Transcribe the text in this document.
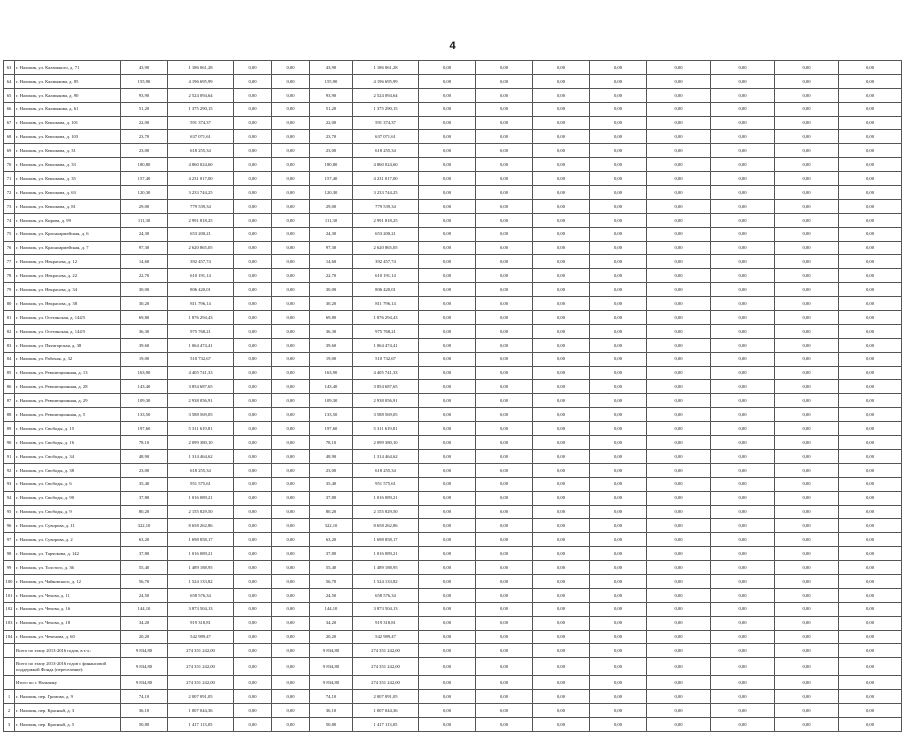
4
63	г. Нальчик, ул. Калюжного, д. 71	43,90	1 186 061,28	0,00	0,00	43,90	1 186 061,28	0,00	0,00	0,00	0,00	0,00	0,00	0,00	0,00
64	г. Нальчик, ул. Калмыкова, д. 85	155,90	4 196 695,99	0,00	0,00	155,90	4 196 695,99	0,00	0,00	0,00	0,00	0,00	0,00	0,00	0,00
65	г. Нальчик, ул. Калмыкова, д. 90	93,90	2 524 094,64	0,00	0,00	93,90	2 524 094,64	0,00	0,00	0,00	0,00	0,00	0,00	0,00	0,00
66	г. Нальчик, ул. Калмыкова, д. 61	51,20	1 375 290,15	0,00	0,00	51,20	1 375 290,15	0,00	0,00	0,00	0,00	0,00	0,00	0,00	0,00
67	г. Нальчик, ул. Кешокова, д. 101	22,00	591 374,37	0,00	0,00	22,00	591 374,37	0,00	0,00	0,00	0,00	0,00	0,00	0,00	0,00
68	г. Нальчик, ул. Кешокова, д. 103	23,70	637 071,61	0,00	0,00	23,70	637 071,61	0,00	0,00	0,00	0,00	0,00	0,00	0,00	0,00
69	г. Нальчик, ул. Кешокова, д. 31	23,00	618 255,34	0,00	0,00	23,00	618 255,34	0,00	0,00	0,00	0,00	0,00	0,00	0,00	0,00
70	г. Нальчик, ул. Кешокова, д. 33	180,80	4 860 024,60	0,00	0,00	180,80	4 860 024,60	0,00	0,00	0,00	0,00	0,00	0,00	0,00	0,00
71	г. Нальчик, ул. Кешокова, д. 35	157,40	4 231 017,00	0,00	0,00	157,40	4 231 017,00	0,00	0,00	0,00	0,00	0,00	0,00	0,00	0,00
72	г. Нальчик, ул. Кешокова, д. 63	120,30	3 233 744,25	0,00	0,00	120,30	3 233 744,25	0,00	0,00	0,00	0,00	0,00	0,00	0,00	0,00
73	г. Нальчик, ул. Кешокова, д. 81	29,00	779 539,34	0,00	0,00	29,00	779 539,34	0,00	0,00	0,00	0,00	0,00	0,00	0,00	0,00
74	г. Нальчик, ул. Кирова, д. 99	111,30	2 991 818,25	0,00	0,00	111,30	2 991 818,25	0,00	0,00	0,00	0,00	0,00	0,00	0,00	0,00
75	г. Нальчик, ул. Красноармейская, д. 6	24,30	653 200,21	0,00	0,00	24,30	653 200,21	0,00	0,00	0,00	0,00	0,00	0,00	0,00	0,00
76	г. Нальчик, ул. Красноармейская, д. 7	97,30	2 620 865,05	0,00	0,00	97,30	2 620 865,05	0,00	0,00	0,00	0,00	0,00	0,00	0,00	0,00
77	г. Нальчик, ул. Некрасова, д. 12	14,60	392 457,74	0,00	0,00	14,60	392 457,74	0,00	0,00	0,00	0,00	0,00	0,00	0,00	0,00
78	г. Нальчик, ул. Некрасова, д. 22	22,70	610 191,14	0,00	0,00	22,70	610 191,14	0,00	0,00	0,00	0,00	0,00	0,00	0,00	0,00
79	г. Нальчик, ул. Некрасова, д. 34	30,00	806 420,01	0,00	0,00	30,00	806 420,01	0,00	0,00	0,00	0,00	0,00	0,00	0,00	0,00
80	г. Нальчик, ул. Некрасова, д. 38	30,20	811 796,14	0,00	0,00	30,20	811 796,14	0,00	0,00	0,00	0,00	0,00	0,00	0,00	0,00
81	г. Нальчик, ул. Осетинская, д. 144/5	69,80	1 876 294,43	0,00	0,00	69,80	1 876 294,43	0,00	0,00	0,00	0,00	0,00	0,00	0,00	0,00
82	г. Нальчик, ул. Осетинская, д. 144/5	36,30	975 768,21	0,00	0,00	36,30	975 768,21	0,00	0,00	0,00	0,00	0,00	0,00	0,00	0,00
83	г. Нальчик, ул. Пятигорская, д. 38	39,60	1 064 474,41	0,00	0,00	39,60	1 064 474,41	0,00	0,00	0,00	0,00	0,00	0,00	0,00	0,00
84	г. Нальчик, ул. Рабочая, д. 32	19,00	510 732,67	0,00	0,00	19,00	510 732,67	0,00	0,00	0,00	0,00	0,00	0,00	0,00	0,00
85	г. Нальчик, ул. Революционная, д. 13	163,90	4 405 741,33	0,00	0,00	163,90	4 405 741,33	0,00	0,00	0,00	0,00	0,00	0,00	0,00	0,00
86	г. Нальчик, ул. Революционная, д. 28	143,40	3 854 687,65	0,00	0,00	143,40	3 854 687,65	0,00	0,00	0,00	0,00	0,00	0,00	0,00	0,00
87	г. Нальчик, ул. Революционная, д. 29	109,30	2 938 056,91	0,00	0,00	109,30	2 938 056,91	0,00	0,00	0,00	0,00	0,00	0,00	0,00	0,00
88	г. Нальчик, ул. Революционная, д. 5	133,50	3 588 569,05	0,00	0,00	133,50	3 588 569,05	0,00	0,00	0,00	0,00	0,00	0,00	0,00	0,00
89	г. Нальчик, ул. Свободы, д. 15	197,60	5 311 619,81	0,00	0,00	197,60	5 311 619,81	0,00	0,00	0,00	0,00	0,00	0,00	0,00	0,00
90	г. Нальчик, ул. Свободы, д. 16	78,10	2 099 380,10	0,00	0,00	78,10	2 099 380,10	0,00	0,00	0,00	0,00	0,00	0,00	0,00	0,00
91	г. Нальчик, ул. Свободы, д. 34	48,90	1 314 464,62	0,00	0,00	48,90	1 314 464,62	0,00	0,00	0,00	0,00	0,00	0,00	0,00	0,00
92	г. Нальчик, ул. Свободы, д. 38	23,00	618 255,34	0,00	0,00	23,00	618 255,34	0,00	0,00	0,00	0,00	0,00	0,00	0,00	0,00
93	г. Нальчик, ул. Свободы, д. 6	35,40	951 575,61	0,00	0,00	35,40	951 575,61	0,00	0,00	0,00	0,00	0,00	0,00	0,00	0,00
94	г. Нальчик, ул. Свободы, д. 90	37,80	1 016 089,21	0,00	0,00	37,80	1 016 089,21	0,00	0,00	0,00	0,00	0,00	0,00	0,00	0,00
95	г. Нальчик, ул. Свободы, д. 9	80,20	2 155 829,50	0,00	0,00	80,20	2 155 829,50	0,00	0,00	0,00	0,00	0,00	0,00	0,00	0,00
96	г. Нальчик, ул. Суворова, д. 11	322,10	8 658 262,86	0,00	0,00	322,10	8 658 262,86	0,00	0,00	0,00	0,00	0,00	0,00	0,00	0,00
97	г. Нальчик, ул. Суворова, д. 2	63,20	1 698 858,17	0,00	0,00	63,20	1 698 858,17	0,00	0,00	0,00	0,00	0,00	0,00	0,00	0,00
98	г. Нальчик, ул. Тарчокова, д. 142	37,80	1 016 089,21	0,00	0,00	37,80	1 016 089,21	0,00	0,00	0,00	0,00	0,00	0,00	0,00	0,00
99	г. Нальчик, ул. Толстого, д. 36	55,40	1 489 188,95	0,00	0,00	55,40	1 489 188,95	0,00	0,00	0,00	0,00	0,00	0,00	0,00	0,00
100	г. Нальчик, ул. Чайковского, д. 12	56,70	1 524 133,82	0,00	0,00	56,70	1 524 133,82	0,00	0,00	0,00	0,00	0,00	0,00	0,00	0,00
101	г. Нальчик, ул. Чехова, д. 11	24,50	658 576,34	0,00	0,00	24,50	658 576,34	0,00	0,00	0,00	0,00	0,00	0,00	0,00	0,00
102	г. Нальчик, ул. Чехова, д. 16	144,10	3 873 504,13	0,00	0,00	144,10	3 873 504,13	0,00	0,00	0,00	0,00	0,00	0,00	0,00	0,00
103	г. Нальчик, ул. Чехова, д. 18	34,20	919 318,81	0,00	0,00	34,20	919 318,81	0,00	0,00	0,00	0,00	0,00	0,00	0,00	0,00
104	г. Нальчик, ул. Чеченова, д. 60	20,20	542 989,47	0,00	0,00	20,20	542 989,47	0,00	0,00	0,00	0,00	0,00	0,00	0,00	0,00
	Всего по этапу 2013-2016 годов, в т.ч.:	9 834,80	274 351 242,00	0,00	0,00	9 834,80	274 351 242,00	0,00	0,00	0,00	0,00	0,00	0,00	0,00	0,00
	Всего по этапу 2013-2016 годов с финансовой поддержкой Фонда (переселение):	9 834,80	274 351 242,00	0,00	0,00	9 834,80	274 351 242,00	0,00	0,00	0,00	0,00	0,00	0,00	0,00	0,00
	Итого по г. Нальчику	9 834,80	274 351 242,00	0,00	0,00	9 834,80	274 351 242,00	0,00	0,00	0,00	0,00	0,00	0,00	0,00	0,00
1	г. Нальчик, пер. Громова, д. 9	74,10	2 007 091,05	0,00	0,00	74,10	2 007 091,05	0,00	0,00	0,00	0,00	0,00	0,00	0,00	0,00
2	г. Нальчик, пер. Красный, д. 3	36,10	1 007 044,36	0,00	0,00	36,10	1 007 044,36	0,00	0,00	0,00	0,00	0,00	0,00	0,00	0,00
3	г. Нальчик, пер. Красный, д. 5	50,80	1 417 113,05	0,00	0,00	50,80	1 417 113,05	0,00	0,00	0,00	0,00	0,00	0,00	0,00	0,00
